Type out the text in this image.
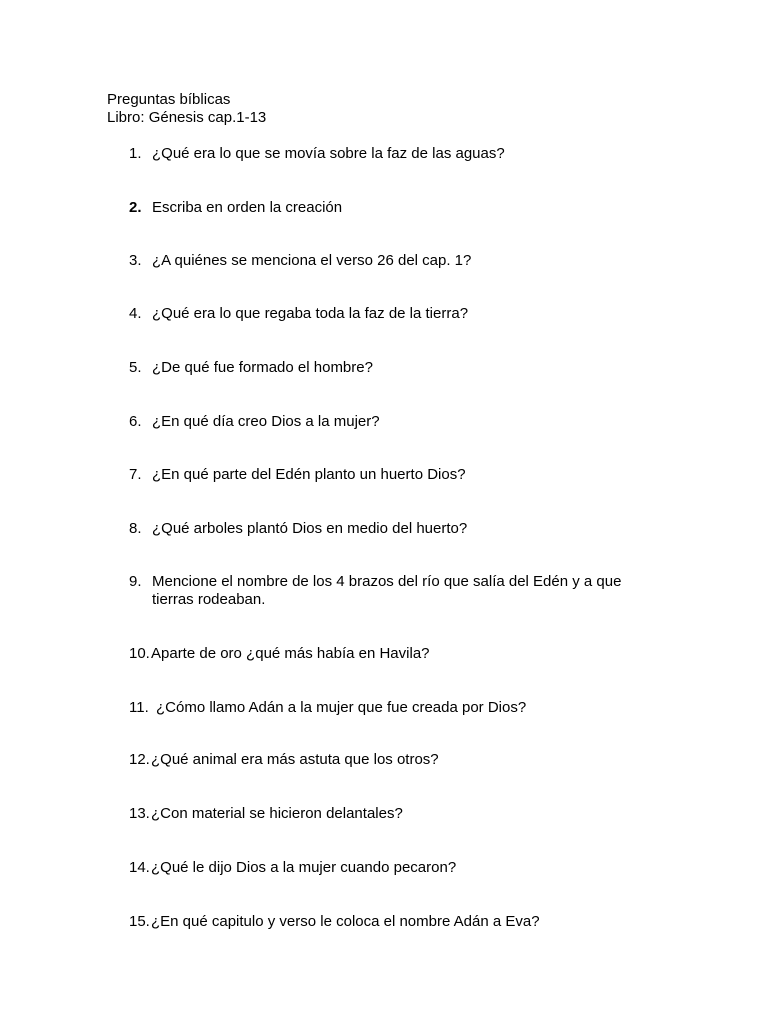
Preguntas bíblicas
Libro: Génesis cap.1-13
1. ¿Qué era lo que se movía sobre la faz de las aguas?
2. Escriba en orden la creación
3. ¿A quiénes se menciona el verso 26 del cap. 1?
4. ¿Qué era lo que regaba toda la faz de la tierra?
5. ¿De qué fue formado el hombre?
6. ¿En qué día creo Dios a la mujer?
7. ¿En qué parte del Edén planto un huerto Dios?
8. ¿Qué arboles plantó Dios en medio del huerto?
9. Mencione el nombre de los 4 brazos del río que salía del Edén y a que tierras rodeaban.
10. Aparte de oro ¿qué más había en Havila?
11. ¿Cómo llamo Adán a la mujer que fue creada por Dios?
12. ¿Qué animal era más astuta que los otros?
13. ¿Con material se hicieron delantales?
14. ¿Qué le dijo Dios a la mujer cuando pecaron?
15. ¿En qué capitulo y verso le coloca el nombre Adán a Eva?
